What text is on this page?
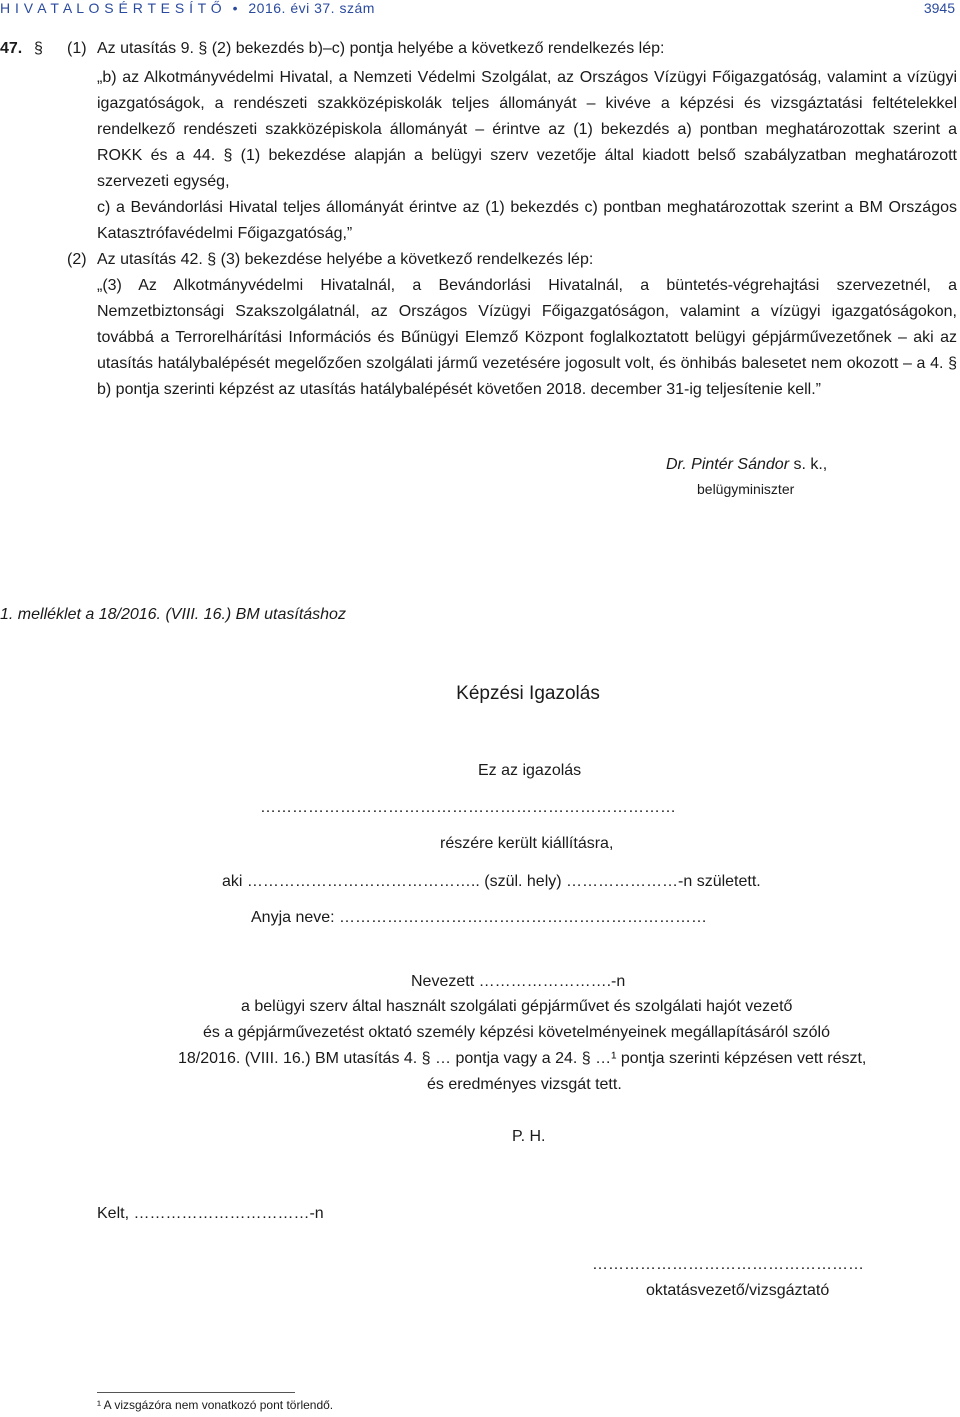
H I V A T A L O S É R T E S Í T Ő • 2016. évi 37. szám	3945
47. § (1) Az utasítás 9. § (2) bekezdés b)–c) pontja helyébe a következő rendelkezés lép:
„b) az Alkotmányvédelmi Hivatal, a Nemzeti Védelmi Szolgálat, az Országos Vízügyi Főigazgatóság, valamint a vízügyi igazgatóságok, a rendészeti szakközépiskolák teljes állományát – kivéve a képzési és vizsgáztatási feltételekkel rendelkező rendészeti szakközépiskola állományát – érintve az (1) bekezdés a) pontban meghatározottak szerint a ROKK és a 44. § (1) bekezdése alapján a belügyi szerv vezetője által kiadott belső szabályzatban meghatározott szervezeti egység,
c) a Bevándorlási Hivatal teljes állományát érintve az (1) bekezdés c) pontban meghatározottak szerint a BM Országos Katasztrófavédelmi Főigazgatóság,”
(2) Az utasítás 42. § (3) bekezdése helyébe a következő rendelkezés lép:
„(3) Az Alkotmányvédelmi Hivatalnál, a Bevándorlási Hivatalnál, a büntetés-végrehajtási szervezetnél, a Nemzetbiztonsági Szakszolgálatnál, az Országos Vízügyi Főigazgatóságon, valamint a vízügyi igazgatóságokon, továbbá a Terrorelhárítási Információs és Bűnügyi Elemző Központ foglalkoztatott belügyi gépjárművezetőnek – aki az utasítás hatálybalépését megelőzően szolgálati jármű vezetésére jogosult volt, és önhibás balesetet nem okozott – a 4. § b) pontja szerinti képzést az utasítás hatálybalépését követően 2018. december 31-ig teljesítenie kell.”
Dr. Pintér Sándor s. k.,
belügyminiszter
1. melléklet a 18/2016. (VIII. 16.) BM utasításhoz
Képzési Igazolás
Ez az igazolás
……………………………………………………………………
részére került kiállításra,
aki …………………………………….. (szül. hely) …………………-n született.
Anyja neve: ……………………………………………………………
Nevezett …………………….-n
a belügyi szerv által használt szolgálati gépjárművet és szolgálati hajót vezető
és a gépjárművezetést oktató személy képzési követelményeinek megállapításáról szóló
18/2016. (VIII. 16.) BM utasítás 4. § … pontja vagy a 24. § …¹ pontja szerinti képzésen vett részt,
és eredményes vizsgát tett.
P. H.
Kelt, ……………………………-n
……………………………………………
oktatásvezető/vizsgáztató
¹ A vizsgázóra nem vonatkozó pont törlendő.
